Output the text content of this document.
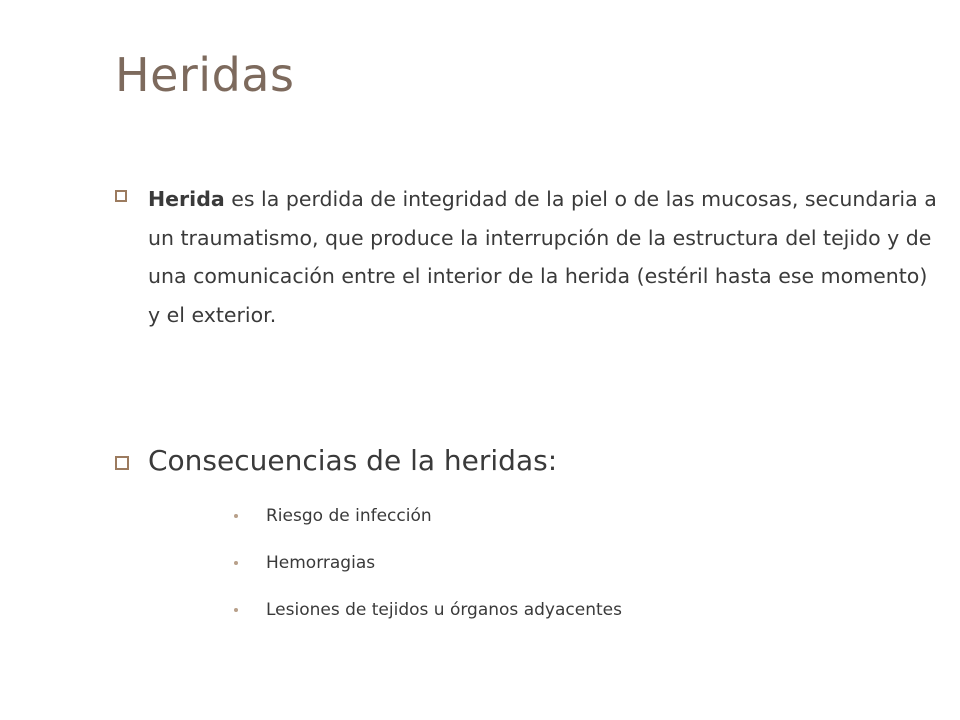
Heridas

Herida es la perdida de integridad de la piel o de las mucosas, secundaria a un traumatismo, que produce la interrupción de la estructura del tejido y de una comunicación entre el interior de la herida (estéril hasta ese momento) y el exterior.

Consecuencias de la heridas:

Riesgo de infección
Hemorragias
Lesiones de tejidos u órganos adyacentes
